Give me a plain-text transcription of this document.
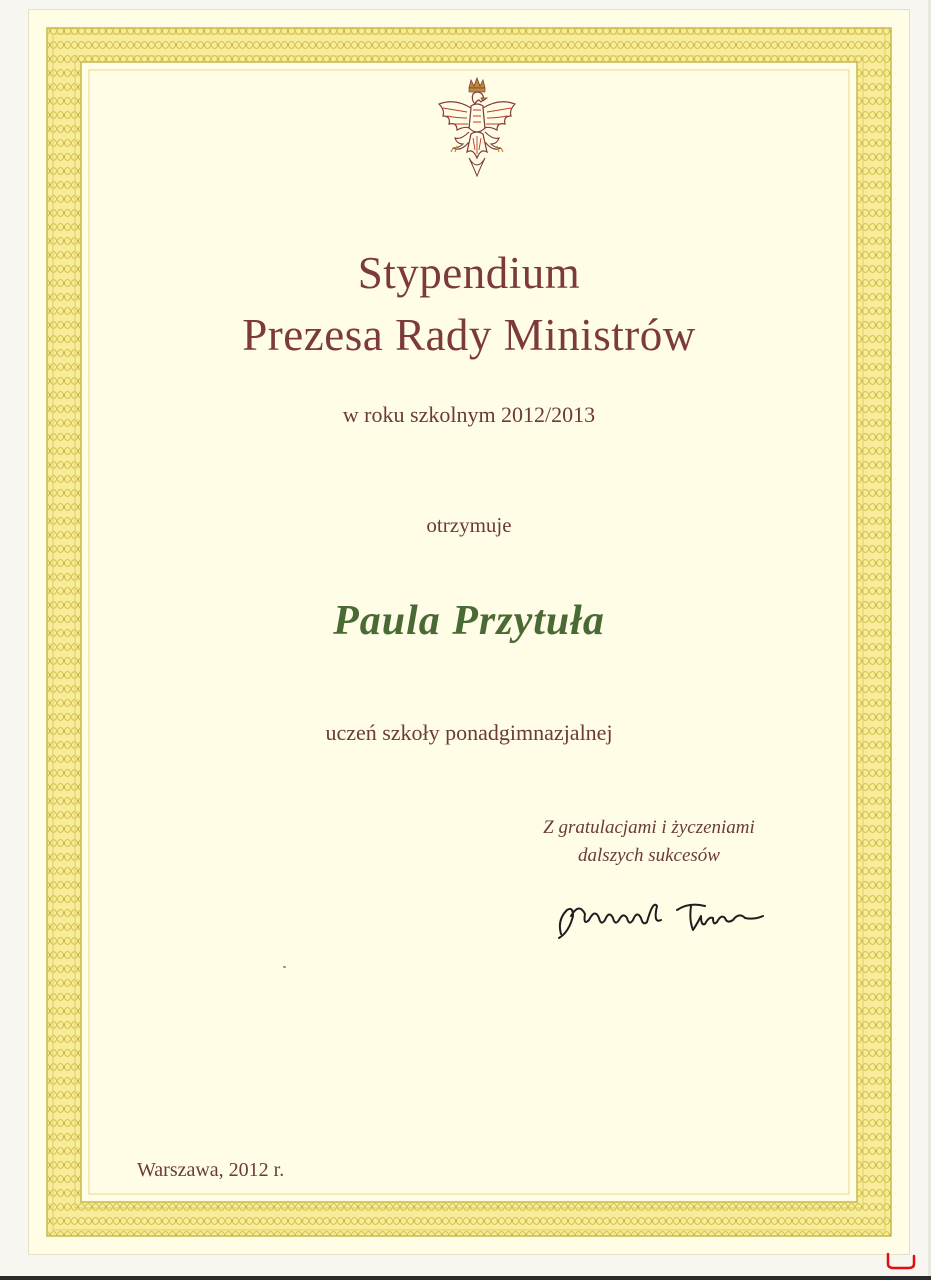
Stypendium
Prezesa Rady Ministrów
w roku szkolnym 2012/2013
otrzymuje
Paula Przytuła
uczeń szkoły ponadgimnazjalnej
Z gratulacjami i życzeniami
dalszych sukcesów
Warszawa, 2012 r.
